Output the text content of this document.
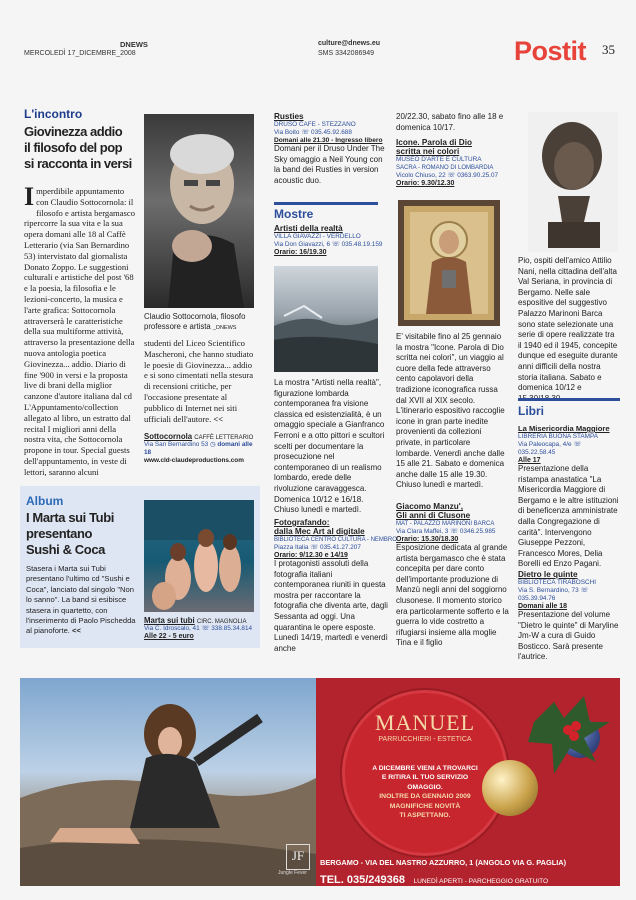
DNEWS
MERCOLEDÌ 17_DICEMBRE_2008
culture@dnews.eu
SMS 3342086949	Postit 35
L'incontro
Giovinezza addio
il filosofo del pop
si racconta in versi
I mperdibile appuntamento con Claudio Sottocornola: il filosofo e artista bergamasco ripercorre la sua vita e la sua opera domani alle 18 al Caffè Letterario (via San Bernardino 53) intervistato dal giornalista Donato Zoppo. Le suggestioni culturali e artistiche del post '68 e la poesia, la filosofia e le lezioni-concerto, la musica e l'arte grafica: Sottocornola attraverserà le caratteristiche della sua multiforme attività, attraverso la presentazione della nuova antologia poetica Giovinezza... addio. Diario di fine '900 in versi e la proposta live di brani della miglior canzone d'autore italiana dal cd L'Appuntamento/collection allegato al libro, un estratto dal recital I migliori anni della nostra vita, che Sottocornola propone in tour. Special guests dell'appuntamento, in veste di lettori, saranno alcuni
Claudio Sottocornola, filosofo professore e artista _DNEWS
studenti del Liceo Scientifico Mascheroni, che hanno studiato le poesie di Giovinezza... addio e si sono cimentati nella stesura di recensioni critiche, per l'occasione presentate al pubblico di Internet nei siti ufficiali dell'autore. <<
Sottocornola CAFFÈ LETTERARIO
Via San Bernardino 53 ◷ domani alle 18
www.cld-claudeproductions.com
Album
I Marta sui Tubi
presentano
Sushi & Coca
Stasera i Marta sui Tubi presentano l'ultimo cd "Sushi e Coca", lanciato dal singolo "Non lo sanno". La band si esibisce stasera in quartetto, con l'inserimento di Paolo Pischedda al pianoforte. <<
Marta sui tubi CIRC. MAGNOLIA
Via C. Idroscalo, 41 ☏ 338.85.34.814
Alle 22 - 5 euro
Rusties
DRUSO CAFE - STEZZANO
Via Boito ☏ 035.45.92.688
Domani alle 21.30 - Ingresso libero
Domani per il Druso Under The Sky omaggio a Neil Young con la band dei Rusties in version acoustic duo.
Mostre
Artisti della realtà
VILLA GIAVAZZI - VERDELLO
Via Don Giavazzi, 6 ☏ 035.48.19.159
Orario: 16/19.30
La mostra "Artisti nella realtà", figurazione lombarda contemporanea fra visione classica ed esistenzialità, è un omaggio speciale a Gianfranco Ferroni e a otto pittori e scultori scelti per documentare la prosecuzione nel contemporaneo di un realismo lombardo, erede delle rivoluzione caravaggesca. Domenica 10/12 e 16/18. Chiuso lunedì e martedì.
Fotografando:
dalla Mec Art al digitale
BIBLIOTECA CENTRO CULTURA - NEMBRO
Piazza Italia ☏ 035.41.27.207
Orario: 9/12.30 e 14/19
I protagonisti assoluti della fotografia italiani contemporanea riuniti in questa mostra per raccontare la fotografia che diventa arte, dagli Sessanta ad oggi. Una quarantina le opere esposte. Lunedì 14/19, martedì e venerdì anche
20/22.30, sabato fino alle 18 e domenica 10/17.
Icone. Parola di Dio
scritta nei colori
MUSEO D'ARTE E CULTURA
SACRA - ROMANO DI LOMBARDIA
Vicolo Chiuso, 22 ☏ 0363.90.25.07
Orario: 9.30/12.30
E' visitabile fino al 25 gennaio la mostra "Icone. Parola di Dio scritta nei colori", un viaggio al cuore della fede attraverso cento capolavori della tradizione iconografica russa dal XVII al XIX secolo. L'itinerario espositivo raccoglie icone in gran parte inedite provenienti da collezioni private, in particolare lombarde. Venerdì anche dalle 15 alle 21. Sabato e domenica anche dalle 15 alle 19.30. Chiuso lunedì e martedì.
Giacomo Manzu',
Gli anni di Clusone
MAT - PALAZZO MARINONI BARCA
Via Clara Maffei, 3 ☏ 0346.25.985
Orario: 15.30/18.30
Esposizione dedicata al grande artista bergamasco che è stata concepita per dare conto dell'importante produzione di Manzù negli anni del soggiorno clusonese. Il momento storico era particolarmente sofferto e la guerra lo vide costretto a rifugiarsi insieme alla moglie Tina e il figlio
Pio, ospiti dell'amico Attilio Nani, nella cittadina dell'alta Val Seriana, in provincia di Bergamo. Nelle sale espositive del suggestivo Palazzo Marinoni Barca sono state selezionate una serie di opere realizzate tra il 1940 ed il 1945, concepite dunque ed eseguite durante anni difficili della nostra storia italiana. Sabato e domenica 10/12 e
Libri
La Misericordia Maggiore
LIBRERIA BUONA STAMPA
Via Paleocapa, 4/e ☏ 035.22.58.45
Alle 17
Presentazione della ristampa anastatica "La Misericordia Maggiore di Bergamo e le altre istituzioni di beneficenza amministrate dalla Congregazione di carità". Intervengono Giuseppe Pezzoni, Francesco Mores, Delia Borelli ed Enzo Pagani.
Dietro le quinte
BIBLIOTECA TIRABOSCHI
Via S. Bernardino, 73 ☏ 035.39.94.76
Domani alle 18
Presentazione del volume "Dietro le quinte" di Maryline Jm-W a cura di Guido Bosticco. Sarà presente l'autrice.
JF
Jungle Fever
MANUEL
PARRUCCHIERI - ESTETICA
A DICEMBRE VIENI A TROVARCI
E RITIRA IL TUO SERVIZIO
OMAGGIO.
INOLTRE DA GENNAIO 2009
MAGNIFICHE NOVITÀ
TI ASPETTANO.
BERGAMO - VIA DEL NASTRO AZZURRO, 1 (ANGOLO VIA G. PAGLIA)
TEL. 035/249368 LUNEDÌ APERTI - PARCHEGGIO GRATUITO
